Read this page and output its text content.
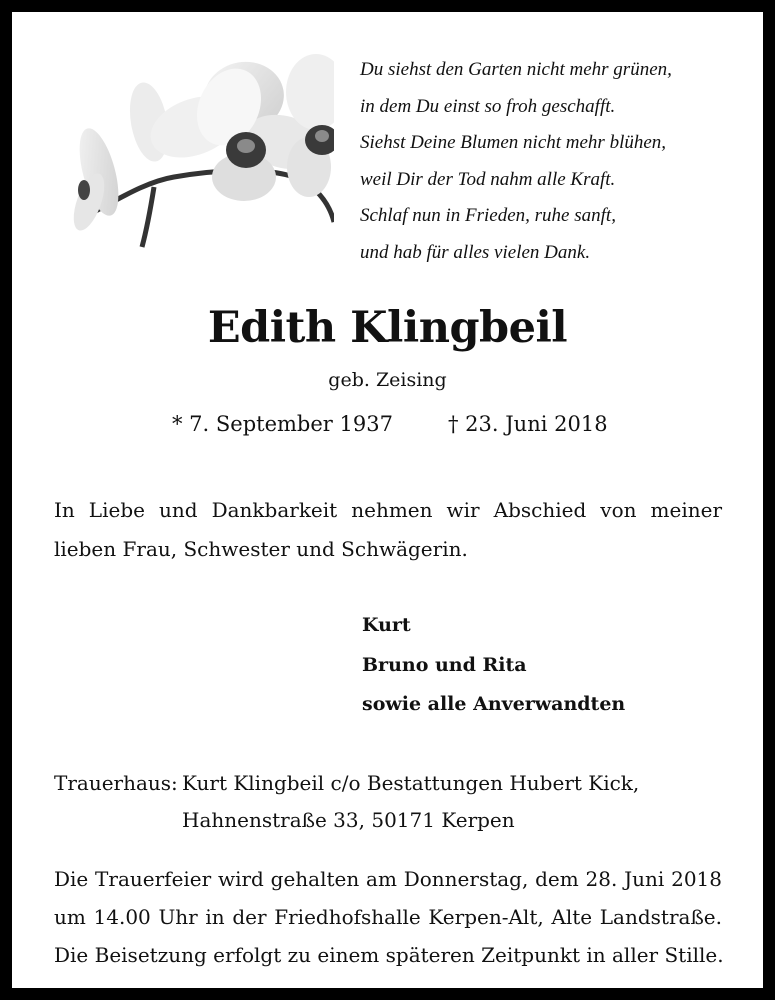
Du siehst den Garten nicht mehr grünen,
in dem Du einst so froh geschafft.
Siehst Deine Blumen nicht mehr blühen,
weil Dir der Tod nahm alle Kraft.
Schlaf nun in Frieden, ruhe sanft,
und hab für alles vielen Dank.
Edith Klingbeil
geb. Zeising
* 7. September 1937	† 23. Juni 2018

In Liebe und Dankbarkeit nehmen wir Abschied von meiner lieben Frau, Schwester und Schwägerin.

Kurt
Bruno und Rita
sowie alle Anverwandten
Trauerhaus: Kurt Klingbeil c/o Bestattungen Hubert Kick,
Hahnenstraße 33, 50171 Kerpen

Die Trauerfeier wird gehalten am Donnerstag, dem 28. Juni 2018
um 14.00 Uhr in der Friedhofshalle Kerpen-Alt, Alte Landstraße.
Die Beisetzung erfolgt zu einem späteren Zeitpunkt in aller Stille.
